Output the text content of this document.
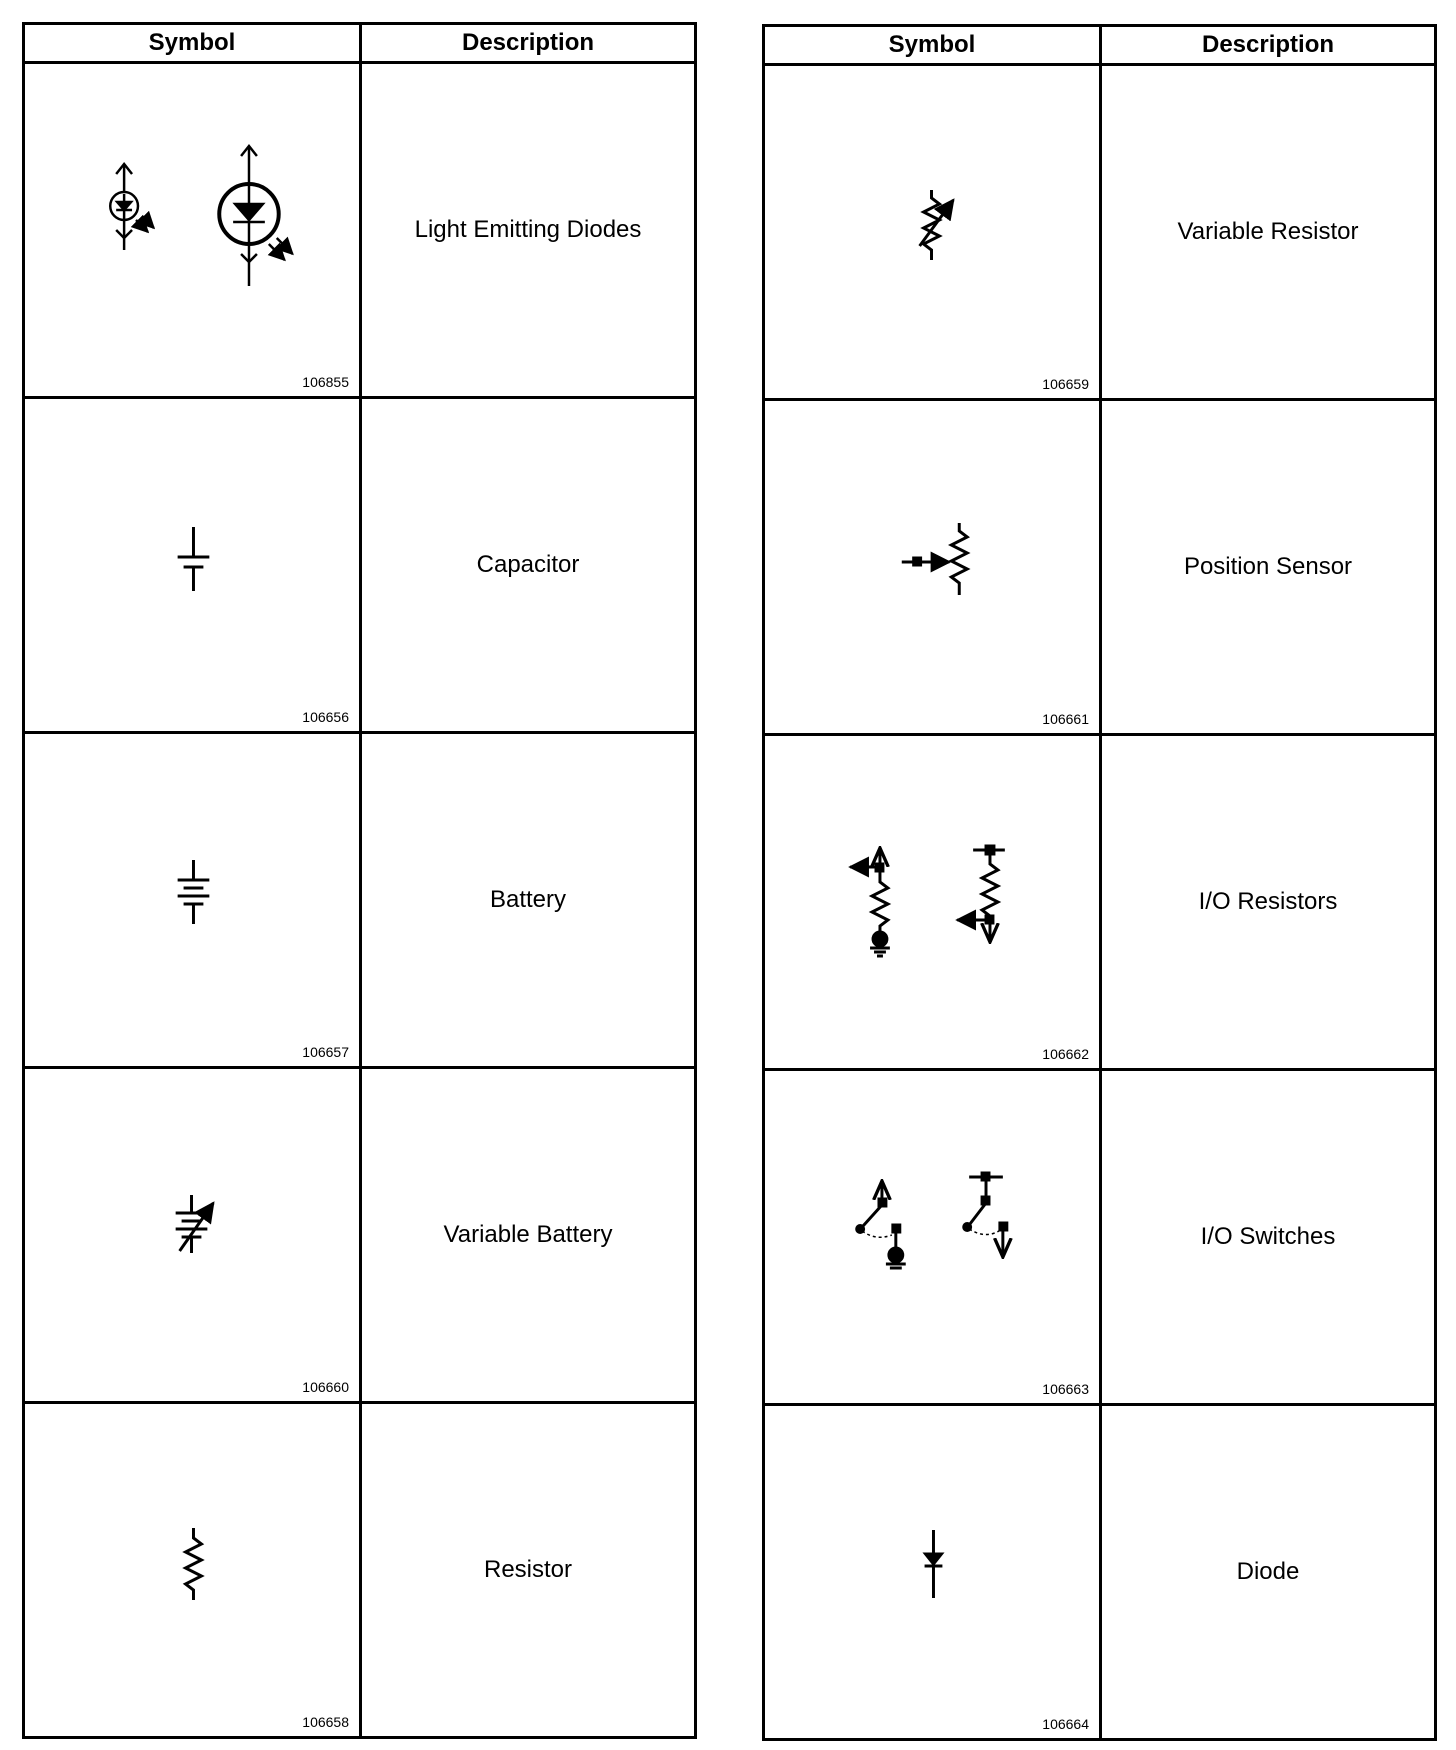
Symbol	Description

106855	Light Emitting Diodes

106656	Capacitor

106657	Battery

106660	Variable Battery

106658	Resistor
Symbol	Description

106659	Variable Resistor

106661	Position Sensor

106662	I/O Resistors

106663	I/O Switches

106664	Diode
